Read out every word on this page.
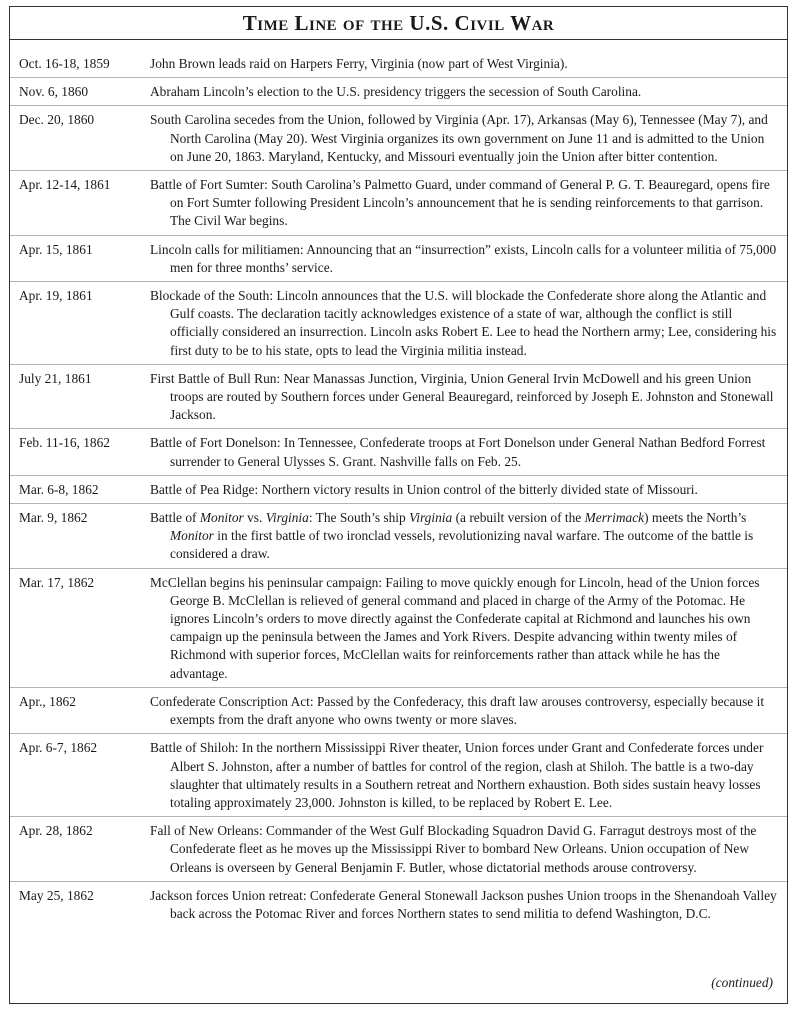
Time Line of the U.S. Civil War
Oct. 16-18, 1859	John Brown leads raid on Harpers Ferry, Virginia (now part of West Virginia).
Nov. 6, 1860	Abraham Lincoln’s election to the U.S. presidency triggers the secession of South Carolina.
Dec. 20, 1860	South Carolina secedes from the Union, followed by Virginia (Apr. 17), Arkansas (May 6), Tennessee (May 7), and North Carolina (May 20). West Virginia organizes its own government on June 11 and is admitted to the Union on June 20, 1863. Maryland, Kentucky, and Missouri eventually join the Union after bitter contention.
Apr. 12-14, 1861	Battle of Fort Sumter: South Carolina’s Palmetto Guard, under command of General P. G. T. Beauregard, opens fire on Fort Sumter following President Lincoln’s announcement that he is sending reinforcements to that garrison. The Civil War begins.
Apr. 15, 1861	Lincoln calls for militiamen: Announcing that an “insurrection” exists, Lincoln calls for a volunteer militia of 75,000 men for three months’ service.
Apr. 19, 1861	Blockade of the South: Lincoln announces that the U.S. will blockade the Confederate shore along the Atlantic and Gulf coasts. The declaration tacitly acknowledges existence of a state of war, although the conflict is still officially considered an insurrection. Lincoln asks Robert E. Lee to head the Northern army; Lee, considering his first duty to be to his state, opts to lead the Virginia militia instead.
July 21, 1861	First Battle of Bull Run: Near Manassas Junction, Virginia, Union General Irvin McDowell and his green Union troops are routed by Southern forces under General Beauregard, reinforced by Joseph E. Johnston and Stonewall Jackson.
Feb. 11-16, 1862	Battle of Fort Donelson: In Tennessee, Confederate troops at Fort Donelson under General Nathan Bedford Forrest surrender to General Ulysses S. Grant. Nashville falls on Feb. 25.
Mar. 6-8, 1862	Battle of Pea Ridge: Northern victory results in Union control of the bitterly divided state of Missouri.
Mar. 9, 1862	Battle of Monitor vs. Virginia: The South’s ship Virginia (a rebuilt version of the Merrimack) meets the North’s Monitor in the first battle of two ironclad vessels, revolutionizing naval warfare. The outcome of the battle is considered a draw.
Mar. 17, 1862	McClellan begins his peninsular campaign: Failing to move quickly enough for Lincoln, head of the Union forces George B. McClellan is relieved of general command and placed in charge of the Army of the Potomac. He ignores Lincoln’s orders to move directly against the Confederate capital at Richmond and launches his own campaign up the peninsula between the James and York Rivers. Despite advancing within twenty miles of Richmond with superior forces, McClellan waits for reinforcements rather than attack while he has the advantage.
Apr., 1862	Confederate Conscription Act: Passed by the Confederacy, this draft law arouses controversy, especially because it exempts from the draft anyone who owns twenty or more slaves.
Apr. 6-7, 1862	Battle of Shiloh: In the northern Mississippi River theater, Union forces under Grant and Confederate forces under Albert S. Johnston, after a number of battles for control of the region, clash at Shiloh. The battle is a two-day slaughter that ultimately results in a Southern retreat and Northern exhaustion. Both sides sustain heavy losses totaling approximately 23,000. Johnston is killed, to be replaced by Robert E. Lee.
Apr. 28, 1862	Fall of New Orleans: Commander of the West Gulf Blockading Squadron David G. Farragut destroys most of the Confederate fleet as he moves up the Mississippi River to bombard New Orleans. Union occupation of New Orleans is overseen by General Benjamin F. Butler, whose dictatorial methods arouse controversy.
May 25, 1862	Jackson forces Union retreat: Confederate General Stonewall Jackson pushes Union troops in the Shenandoah Valley back across the Potomac River and forces Northern states to send militia to defend Washington, D.C.
(continued)
